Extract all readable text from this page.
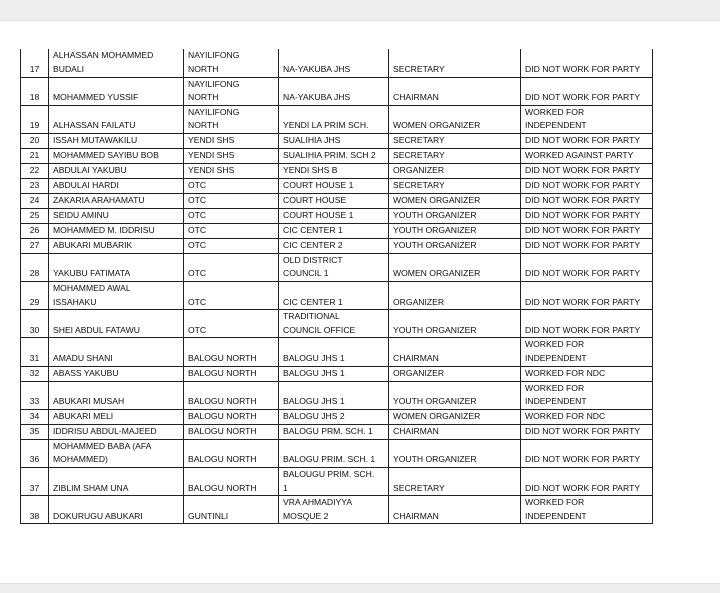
17	ALHASSAN MOHAMMED
BUDALI	NAYILIFONG
NORTH	NA-YAKUBA JHS	SECRETARY	DID NOT WORK FOR PARTY
18	MOHAMMED YUSSIF	NAYILIFONG
NORTH	NA-YAKUBA JHS	CHAIRMAN	DID NOT WORK FOR PARTY
19	ALHASSAN FAILATU	NAYILIFONG
NORTH	YENDI LA PRIM SCH.	WOMEN ORGANIZER	WORKED FOR
INDEPENDENT
20	ISSAH MUTAWAKILU	YENDI SHS	SUALIHIA JHS	SECRETARY	DID NOT WORK FOR PARTY
21	MOHAMMED SAYIBU BOB	YENDI SHS	SUALIHIA PRIM. SCH 2	SECRETARY	WORKED AGAINST PARTY
22	ABDULAI YAKUBU	YENDI SHS	YENDI SHS B	ORGANIZER	DID NOT WORK FOR PARTY
23	ABDULAI HARDI	OTC	COURT HOUSE 1	SECRETARY	DID NOT WORK FOR PARTY
24	ZAKARIA ARAHAMATU	OTC	COURT HOUSE	WOMEN ORGANIZER	DID NOT WORK FOR PARTY
25	SEIDU AMINU	OTC	COURT HOUSE 1	YOUTH ORGANIZER	DID NOT WORK FOR PARTY
26	MOHAMMED M. IDDRISU	OTC	CIC CENTER 1	YOUTH ORGANIZER	DID NOT WORK FOR PARTY
27	ABUKARI MUBARIK	OTC	CIC CENTER 2	YOUTH ORGANIZER	DID NOT WORK FOR PARTY
28	YAKUBU FATIMATA	OTC	OLD DISTRICT
COUNCIL 1	WOMEN ORGANIZER	DID NOT WORK FOR PARTY
29	MOHAMMED AWAL
ISSAHAKU	OTC	CIC CENTER 1	ORGANIZER	DID NOT WORK FOR PARTY
30	SHEI ABDUL FATAWU	OTC	TRADITIONAL
COUNCIL OFFICE	YOUTH ORGANIZER	DID NOT WORK FOR PARTY
31	AMADU SHANI	BALOGU NORTH	BALOGU JHS 1	CHAIRMAN	WORKED FOR
INDEPENDENT
32	ABASS YAKUBU	BALOGU NORTH	BALOGU JHS 1	ORGANIZER	WORKED FOR NDC
33	ABUKARI MUSAH	BALOGU NORTH	BALOGU JHS 1	YOUTH ORGANIZER	WORKED FOR
INDEPENDENT
34	ABUKARI MELI	BALOGU NORTH	BALOGU JHS 2	WOMEN ORGANIZER	WORKED FOR NDC
35	IDDRISU ABDUL-MAJEED	BALOGU NORTH	BALOGU PRM. SCH. 1	CHAIRMAN	DID NOT WORK FOR PARTY
36	MOHAMMED BABA (AFA
MOHAMMED)	BALOGU NORTH	BALOGU PRIM. SCH. 1	YOUTH ORGANIZER	DID NOT WORK FOR PARTY
37	ZIBLIM SHAM UNA	BALOGU NORTH	BALOUGU PRIM. SCH.
1	SECRETARY	DID NOT WORK FOR PARTY
38	DOKURUGU ABUKARI	GUNTINLI	VRA AHMADIYYA
MOSQUE 2	CHAIRMAN	WORKED FOR
INDEPENDENT
